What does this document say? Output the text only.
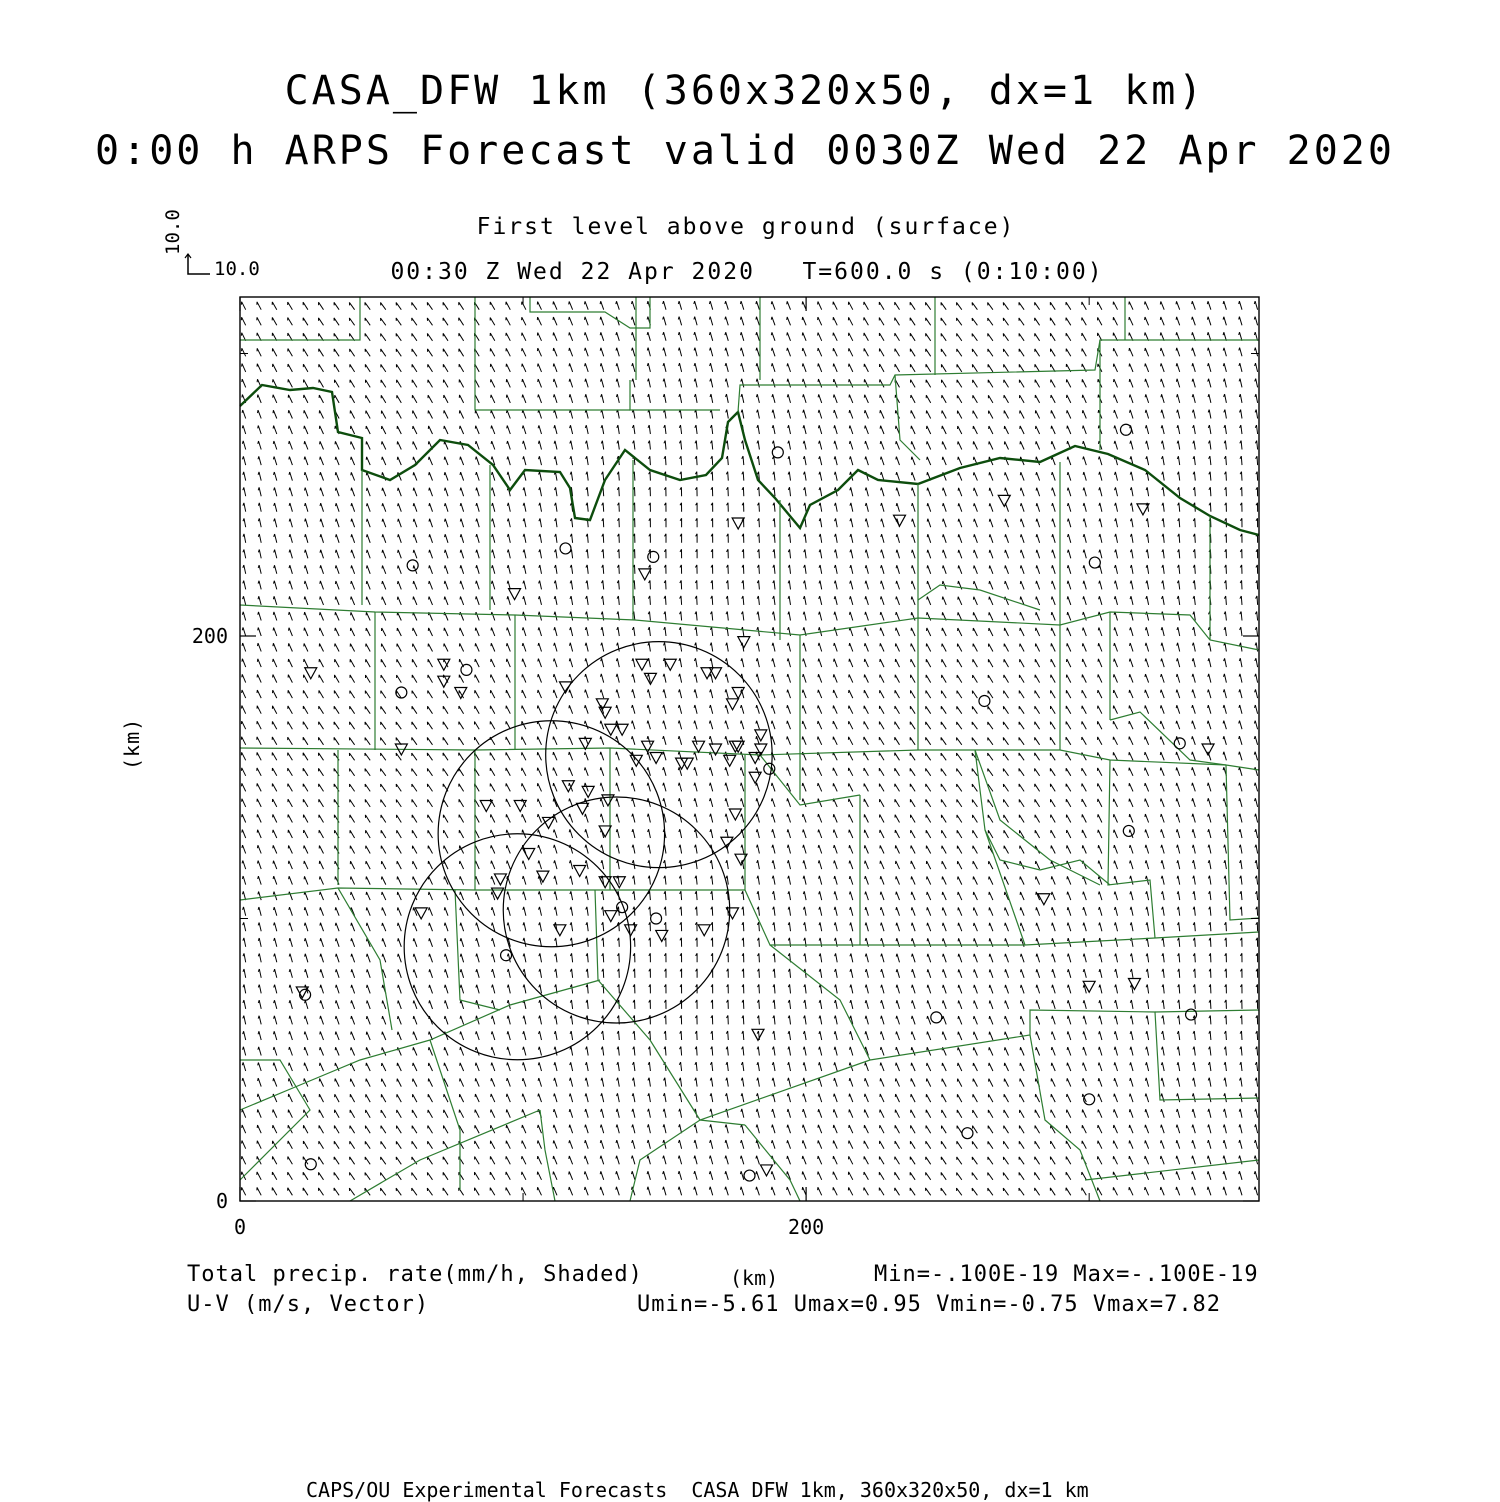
CASA_DFW 1km (360x320x50, dx=1 km)
0:00 h ARPS Forecast valid 0030Z Wed 22 Apr 2020
First level above ground (surface)
00:30 Z Wed 22 Apr 2020   T=600.0 s (0:10:00)
10.0
10.0
(km)
0	200
0
200
Total precip. rate(mm/h, Shaded)	(km)	Min=-.100E-19 Max=-.100E-19
U-V (m/s, Vector)	Umin=-5.61 Umax=0.95 Vmin=-0.75 Vmax=7.82
CAPS/OU Experimental Forecasts  CASA DFW 1km, 360x320x50, dx=1 km
